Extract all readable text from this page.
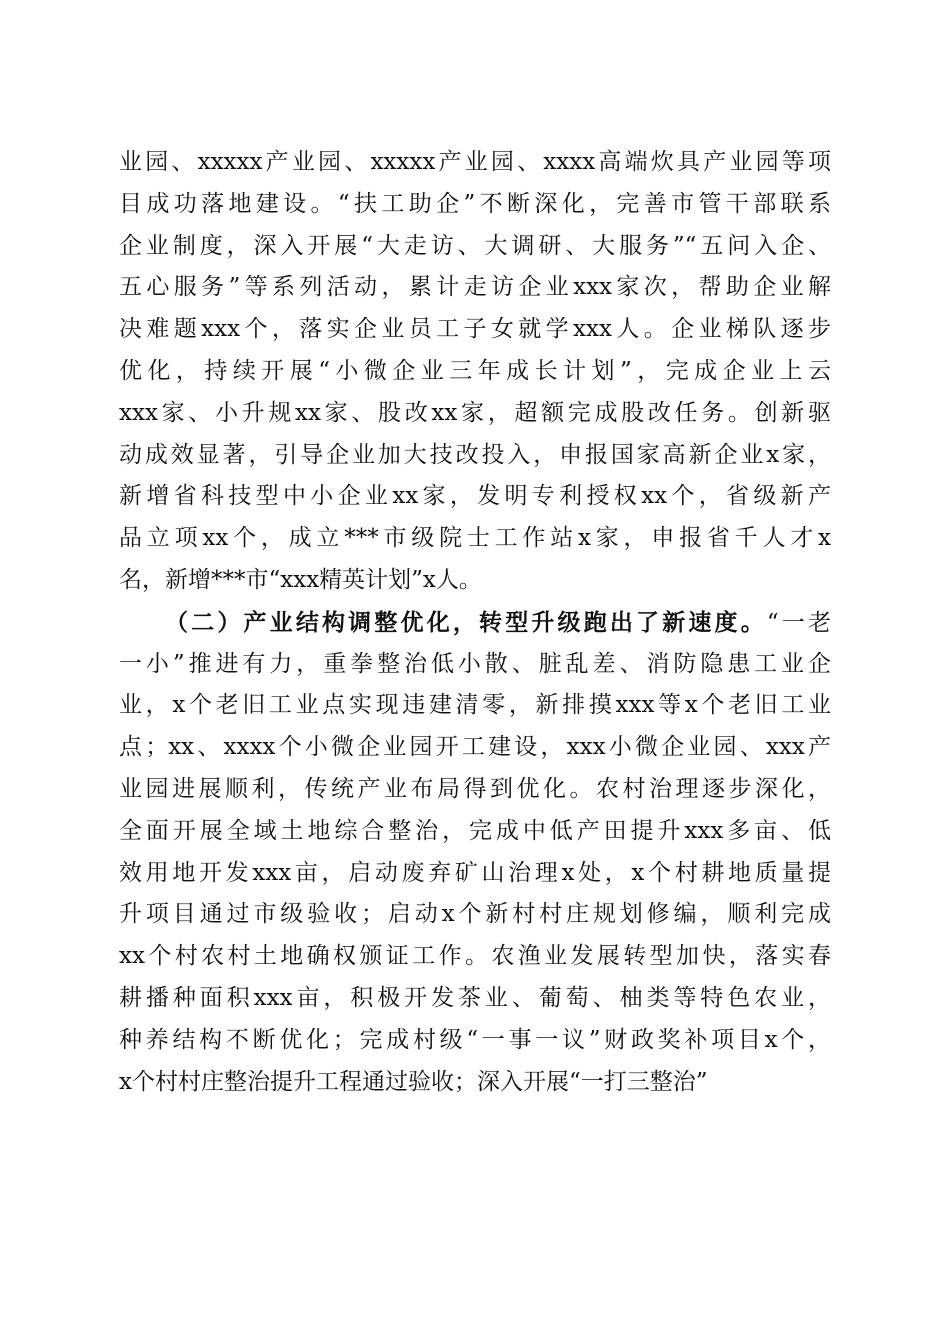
业园、xxxxx产业园、xxxxx产业园、xxxx高端炊具产业园等项
目成功落地建设。“扶工助企”不断深化，完善市管干部联系
企业制度，深入开展“大走访、大调研、大服务”“五问入企、
五心服务”等系列活动，累计走访企业xxx家次，帮助企业解
决难题xxx个，落实企业员工子女就学xxx人。企业梯队逐步
优化，持续开展“小微企业三年成长计划”，完成企业上云
xxx家、小升规xx家、股改xx家，超额完成股改任务。创新驱
动成效显著，引导企业加大技改投入，申报国家高新企业x家，
新增省科技型中小企业xx家，发明专利授权xx个，省级新产
品立项xx个，成立***市级院士工作站x家，申报省千人才x
名，新增***市“xxx精英计划”x人。
（二）产业结构调整优化，转型升级跑出了新速度。“一老
一小”推进有力，重拳整治低小散、脏乱差、消防隐患工业企
业，x个老旧工业点实现违建清零，新排摸xxx等x个老旧工业
点；xx、xxxx个小微企业园开工建设，xxx小微企业园、xxx产
业园进展顺利，传统产业布局得到优化。农村治理逐步深化，
全面开展全域土地综合整治，完成中低产田提升xxx多亩、低
效用地开发xxx亩，启动废弃矿山治理x处，x个村耕地质量提
升项目通过市级验收；启动x个新村村庄规划修编，顺利完成
xx个村农村土地确权颁证工作。农渔业发展转型加快，落实春
耕播种面积xxx亩，积极开发茶业、葡萄、柚类等特色农业，
种养结构不断优化；完成村级“一事一议”财政奖补项目x个，
x个村村庄整治提升工程通过验收；深入开展“一打三整治”
